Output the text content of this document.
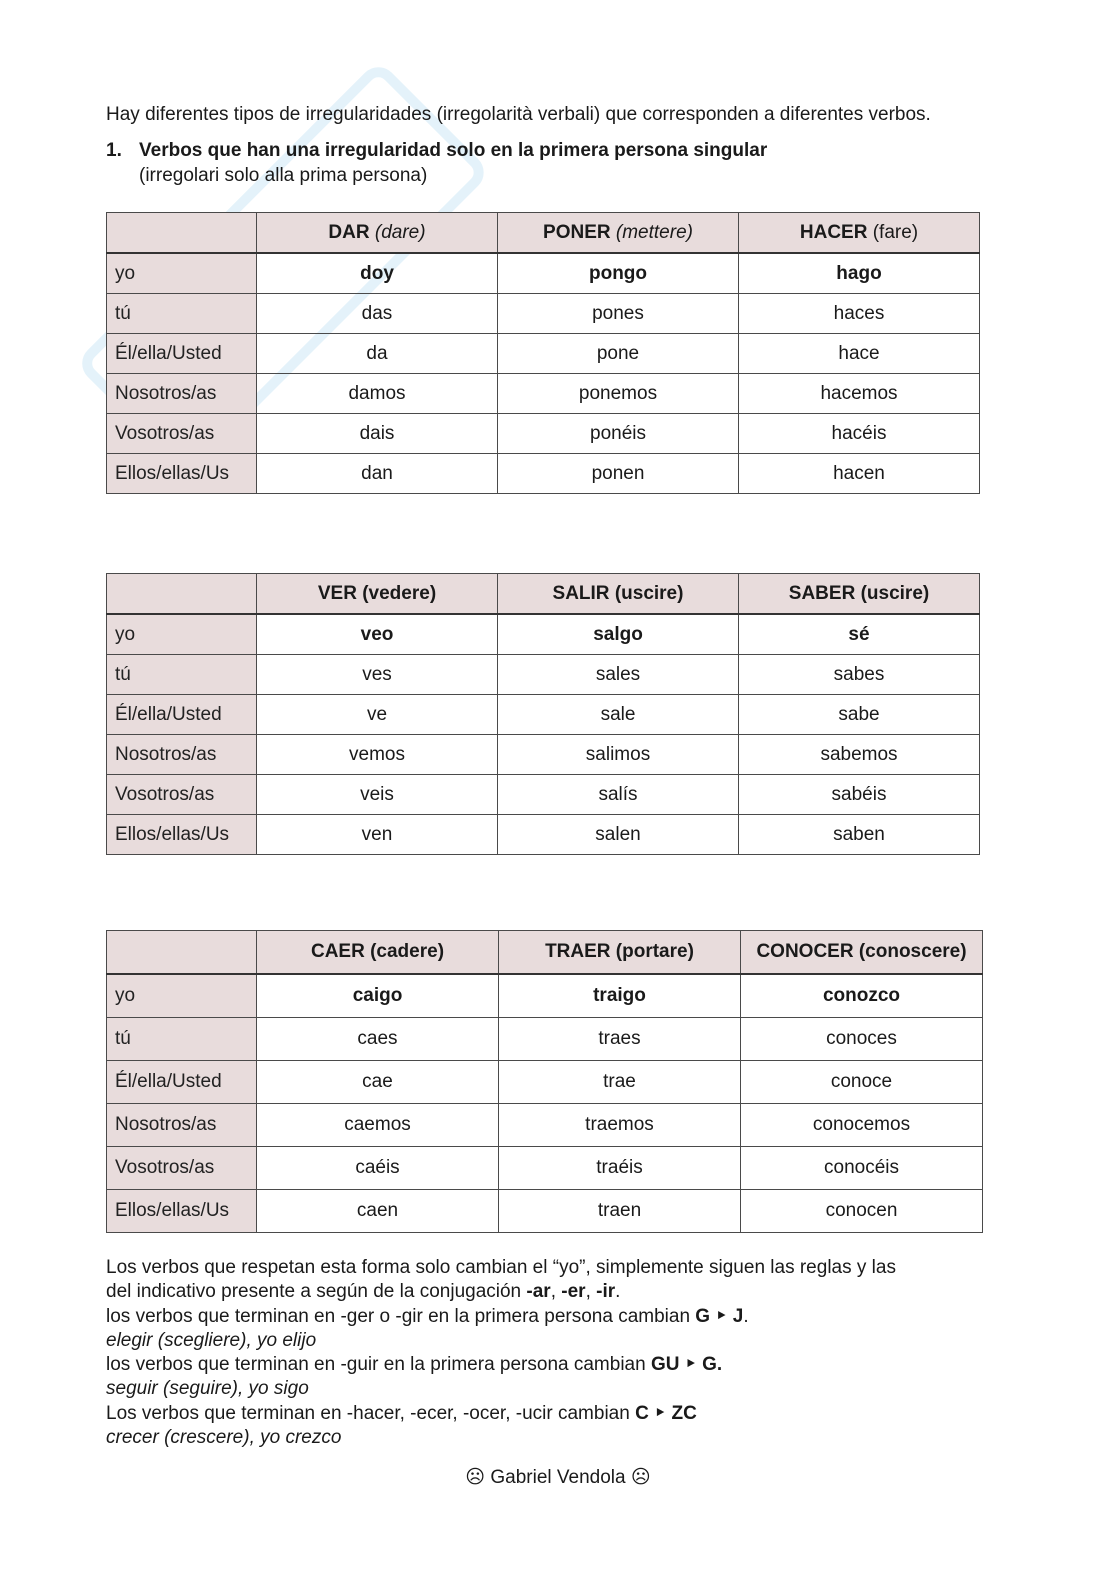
Hay diferentes tipos de irregularidades (irregolarità verbali) que corresponden a diferentes verbos.
1. Verbos que han una irregularidad solo en la primera persona singular
(irregolari solo alla prima persona)
	DAR (dare)	PONER (mettere)	HACER (fare)
yo	doy	pongo	hago
tú	das	pones	haces
Él/ella/Usted	da	pone	hace
Nosotros/as	damos	ponemos	hacemos
Vosotros/as	dais	ponéis	hacéis
Ellos/ellas/Us	dan	ponen	hacen
	VER (vedere)	SALIR (uscire)	SABER (uscire)
yo	veo	salgo	sé
tú	ves	sales	sabes
Él/ella/Usted	ve	sale	sabe
Nosotros/as	vemos	salimos	sabemos
Vosotros/as	veis	salís	sabéis
Ellos/ellas/Us	ven	salen	saben
	CAER (cadere)	TRAER (portare)	CONOCER (conoscere)
yo	caigo	traigo	conozco
tú	caes	traes	conoces
Él/ella/Usted	cae	trae	conoce
Nosotros/as	caemos	traemos	conocemos
Vosotros/as	caéis	traéis	conocéis
Ellos/ellas/Us	caen	traen	conocen

Los verbos que respetan esta forma solo cambian el “yo”, simplemente siguen las reglas y las

del indicativo presente a según de la conjugación -ar, -er, -ir.

los verbos que terminan en -ger o -gir en la primera persona cambian G ‣ J.

elegir (scegliere), yo elijo

los verbos que terminan en -guir en la primera persona cambian GU ‣ G.

seguir (seguire), yo sigo

Los verbos que terminan en -hacer, -ecer, -ocer, -ucir cambian C ‣ ZC

crecer (crescere), yo crezco

☹ Gabriel Vendola ☹
